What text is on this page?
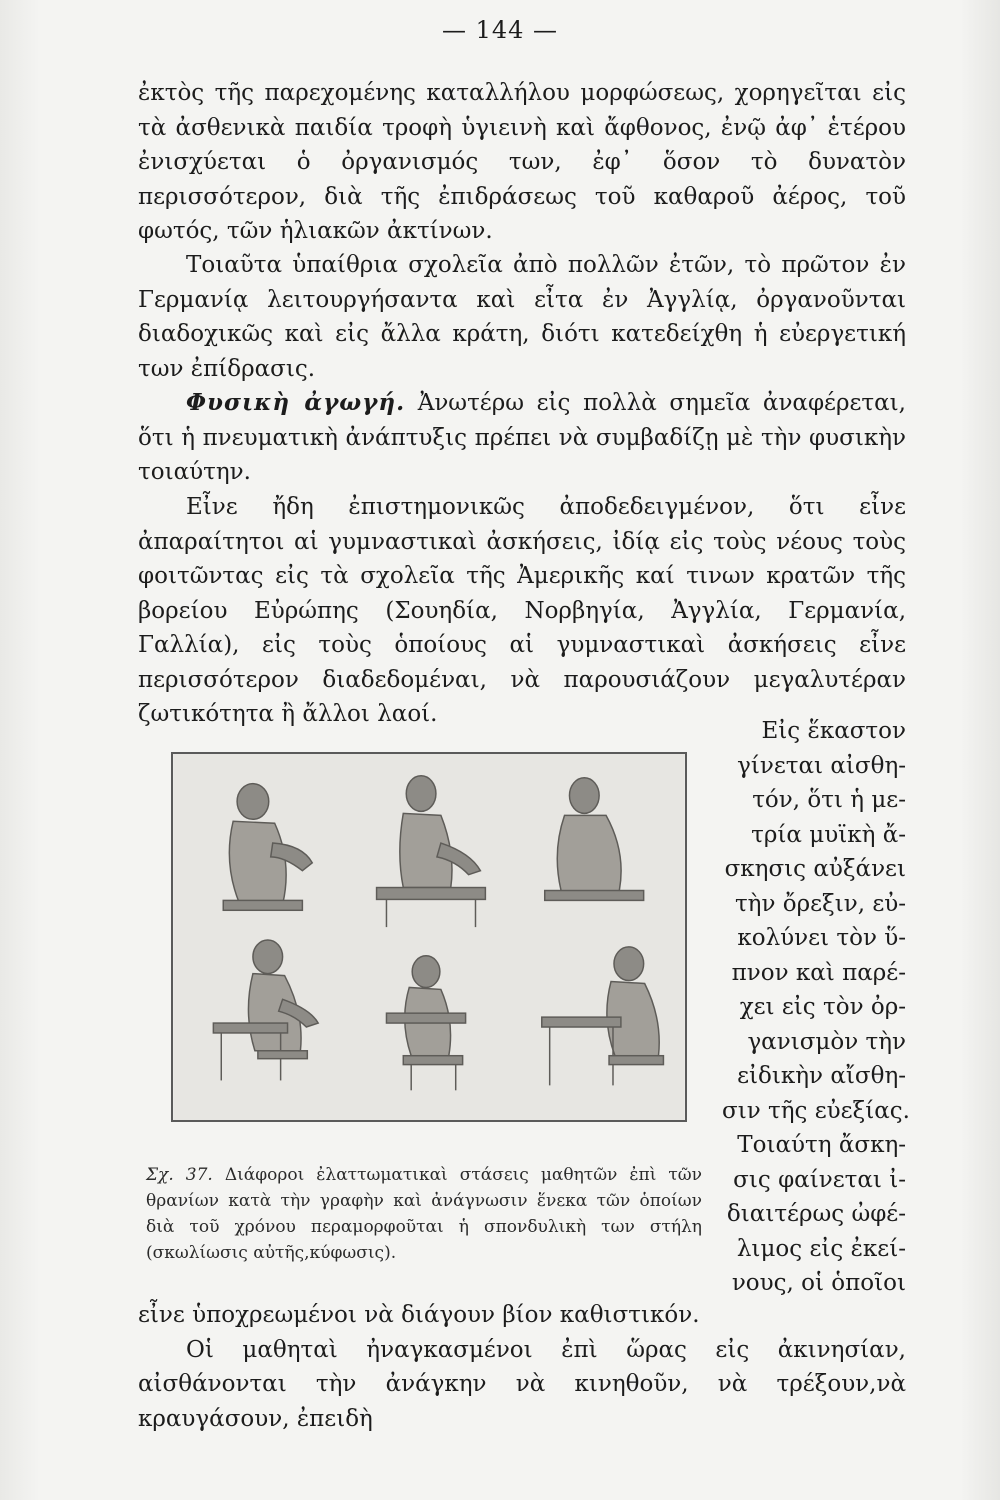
— 144 —

ἐκτὸς τῆς παρεχομένης καταλλήλου μορφώσεως, χορηγεῖται εἰς τὰ ἀσθενικὰ παιδία τροφὴ ὑγιεινὴ καὶ ἄφθονος, ἐνῷ ἀφ᾽ ἑτέρου ἐνισχύεται ὁ ὀργανισμός των, ἐφ᾽ ὅσον τὸ δυνατὸν περισσότερον, διὰ τῆς ἐπιδράσεως τοῦ καθαροῦ ἀέρος, τοῦ φωτός, τῶν ἡλιακῶν ἀκτίνων.

Τοιαῦτα ὑπαίθρια σχολεῖα ἀπὸ πολλῶν ἐτῶν, τὸ πρῶτον ἐν Γερμανίᾳ λειτουργήσαντα καὶ εἶτα ἐν Ἀγγλίᾳ, ὀργανοῦνται διαδοχικῶς καὶ εἰς ἄλλα κράτη, διότι κατεδείχθη ἡ εὐεργετική των ἐπίδρασις.

Φυσικὴ ἀγωγή. Ἀνωτέρω εἰς πολλὰ σημεῖα ἀναφέρεται, ὅτι ἡ πνευματικὴ ἀνάπτυξις πρέπει νὰ συμβαδίζῃ μὲ τὴν φυσικὴν τοιαύτην.

Εἶνε ἤδη ἐπιστημονικῶς ἀποδεδειγμένον, ὅτι εἶνε ἀπαραίτητοι αἱ γυμναστικαὶ ἀσκήσεις, ἰδίᾳ εἰς τοὺς νέους τοὺς φοιτῶντας εἰς τὰ σχολεῖα τῆς Ἀμερικῆς καί τινων κρατῶν τῆς βορείου Εὐρώπης (Σουηδία, Νορβηγία, Ἀγγλία, Γερμανία, Γαλλία), εἰς τοὺς ὁποίους αἱ γυμναστικαὶ ἀσκήσεις εἶνε περισσότερον διαδεδομέναι, νὰ παρουσιάζουν μεγαλυτέραν ζωτικότητα ἢ ἄλλοι λαοί.

Σχ. 37. Διάφοροι ἐλαττωματικαὶ στάσεις μαθητῶν ἐπὶ τῶν θρανίων κατὰ τὴν γραφὴν καὶ ἀνάγνωσιν ἕνεκα τῶν ὁποίων διὰ τοῦ χρόνου περαμορφοῦται ἡ σπονδυλικὴ των στήλη (σκωλίωσις αὐτῆς,κύφωσις).
Εἰς ἕκαστον
γίνεται αἰσθη-
τόν, ὅτι ἡ με-
τρία μυϊκὴ ἄ-
σκησις αὐξάνει
τὴν ὄρεξιν, εὐ-
κολύνει τὸν ὕ-
πνον καὶ παρέ-
χει εἰς τὸν ὀρ-
γανισμὸν τὴν
εἰδικὴν αἴσθη-
σιν τῆς εὐεξίας.
Τοιαύτη ἄσκη-
σις φαίνεται ἰ-
διαιτέρως ὠφέ-
λιμος εἰς ἐκεί-
νους, οἱ ὁποῖοι

εἶνε ὑποχρεωμένοι νὰ διάγουν βίον καθιστικόν.

Οἱ μαθηταὶ ἠναγκασμένοι ἐπὶ ὥρας εἰς ἀκινησίαν, αἰσθάνονται τὴν ἀνάγκην νὰ κινηθοῦν, νὰ τρέξουν,νὰ κραυγάσουν, ἐπειδὴ
